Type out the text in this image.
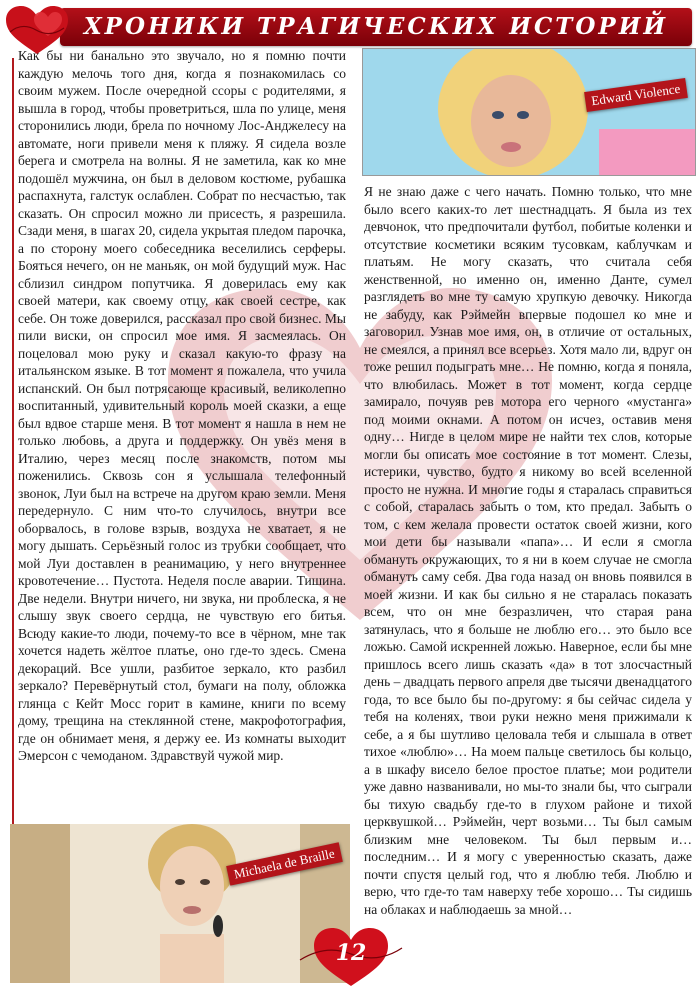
ХРОНИКИ ТРАГИЧЕСКИХ ИСТОРИЙ
Как бы ни банально это звучало, но я помню почти каждую мелочь того дня, когда я познакомилась со своим мужем. После очередной ссоры с родителями, я вышла в город, чтобы проветриться, шла по улице, меня сторонились люди, брела по ночному Лос-Анджелесу на автомате, ноги привели меня к пляжу. Я сидела возле берега и смотрела на волны. Я не заметила, как ко мне подошёл мужчина, он был в деловом костюме, рубашка распахнута, галстук ослаблен. Собрат по несчастью, так сказать. Он спросил можно ли присесть, я разрешила. Сзади меня, в шагах 20, сидела укрытая пледом парочка, а по сторону моего собеседника веселились серферы. Бояться нечего, он не маньяк, он мой будущий муж. Нас сблизил синдром попутчика. Я доверилась ему как своей матери, как своему отцу, как своей сестре, как себе. Он тоже доверился, рассказал про свой бизнес. Мы пили виски, он спросил мое имя. Я засмеялась. Он поцеловал мою руку и сказал какую-то фразу на итальянском языке. В тот момент я пожалела, что учила испанский. Он был потрясающе красивый, великолепно воспитанный, удивительный король моей сказки, а еще был вдвое старше меня. В тот момент я нашла в нем не только любовь, а друга и поддержку. Он увёз меня в Италию, через месяц после знакомств, потом мы поженились. Сквозь сон я услышала телефонный звонок, Луи был на встрече на другом краю земли. Меня передернуло. С ним что-то случилось, внутри все оборвалось, в голове взрыв, воздуха не хватает, я не могу дышать. Серьёзный голос из трубки сообщает, что мой Луи доставлен в реанимацию, у него внутреннее кровотечение… Пустота. Неделя после аварии. Тишина. Две недели. Внутри ничего, ни звука, ни проблеска, я не слышу звук своего сердца, не чувствую его битья. Всюду какие-то люди, почему-то все в чёрном, мне так хочется надеть жёлтое платье, оно где-то здесь. Смена декораций. Все ушли, разбитое зеркало, кто разбил зеркало? Перевёрнутый стол, бумаги на полу, обложка глянца с Кейт Мосс горит в камине, книги по всему дому, трещина на стеклянной стене, макрофотография, где он обнимает меня, я держу ее. Из комнаты выходит Эмерсон с чемоданом. Здравствуй чужой мир.
Edward Violence
Я не знаю даже с чего начать. Помню только, что мне было всего каких-то лет шестнадцать. Я была из тех девчонок, что предпочитали футбол, побитые коленки и отсутствие косметики всяким тусовкам, каблучкам и платьям. Не могу сказать, что считала себя женственной, но именно он, именно Данте, сумел разглядеть во мне ту самую хрупкую девочку. Никогда не забуду, как Рэймейн впервые подошел ко мне и заговорил. Узнав мое имя, он, в отличие от остальных, не смеялся, а принял все всерьез. Хотя мало ли, вдруг он тоже решил подыграть мне… Не помню, когда я поняла, что влюбилась. Может в тот момент, когда сердце замирало, почуяв рев мотора его черного «мустанга» под моими окнами. А потом он исчез, оставив меня одну… Нигде в целом мире не найти тех слов, которые могли бы описать мое состояние в тот момент. Слезы, истерики, чувство, будто я никому во всей вселенной просто не нужна. И многие годы я старалась справиться с собой, старалась забыть о том, кто предал. Забыть о том, с кем желала провести остаток своей жизни, кого мои дети бы называли «папа»… И если я смогла обмануть окружающих, то я ни в коем случае не смогла обмануть саму себя. Два года назад он вновь появился в моей жизни. И как бы сильно я не старалась показать всем, что он мне безразличен, что старая рана затянулась, что я больше не люблю его… это было все ложью. Самой искренней ложью. Наверное, если бы мне пришлось всего лишь сказать «да» в тот злосчастный день – двадцать первого апреля две тысячи двенадцатого года, то все было бы по-другому: я бы сейчас сидела у тебя на коленях, твои руки нежно меня прижимали к себе, а я бы шутливо целовала тебя и слышала в ответ тихое «люблю»… На моем пальце светилось бы кольцо, а в шкафу висело белое простое платье; мои родители уже давно названивали, но мы-то знали бы, что сыграли бы тихую свадьбу где-то в глухом районе и тихой церквушкой… Рэймейн, черт возьми… Ты был самым близким мне человеком. Ты был первым и… последним… И я могу с уверенностью сказать, даже почти спустя целый год, что я люблю тебя. Люблю и верю, что где-то там наверху тебе хорошо… Ты сидишь на облаках и наблюдаешь за мной…
Michaela de Braille
12
